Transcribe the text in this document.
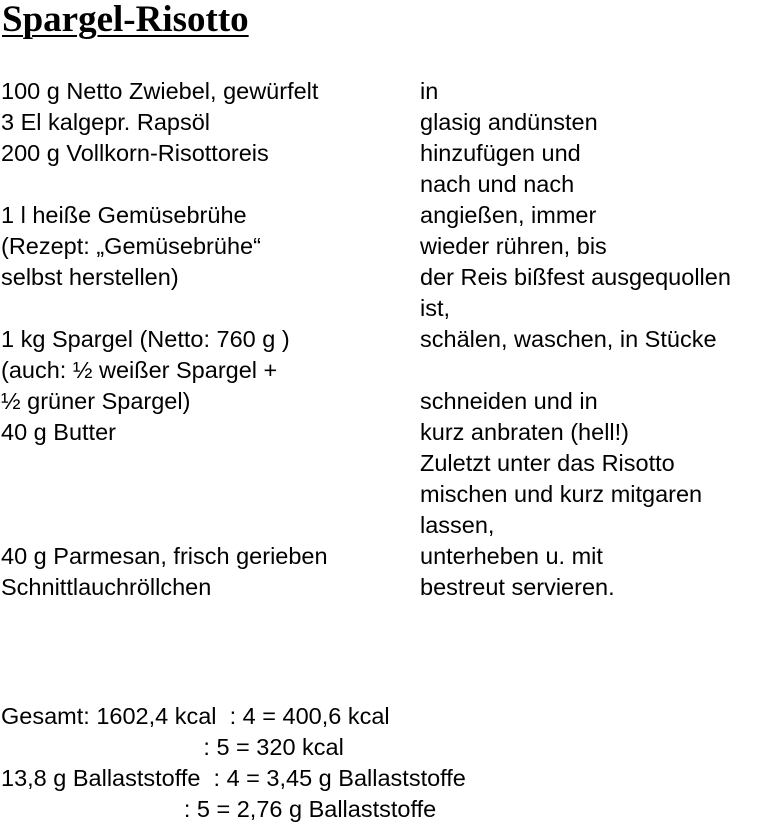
Spargel-Risotto
100 g Netto Zwiebel, gewürfelt
3 El kalgepr. Rapsöl
200 g Vollkorn-Risottoreis
1 l heiße Gemüsebrühe
(Rezept: „Gemüsebrühe“
selbst herstellen)
1 kg Spargel (Netto: 760 g )
(auch: ½ weißer Spargel +
½ grüner Spargel)
40 g Butter
40 g Parmesan, frisch gerieben
Schnittlauchröllchen
in
glasig andünsten
hinzufügen und
nach und nach
angießen, immer
wieder rühren, bis
der Reis bißfest ausgequollen
ist,
schälen, waschen, in Stücke
schneiden und in
kurz anbraten (hell!)
Zuletzt unter das Risotto
mischen und kurz mitgaren
lassen,
unterheben u. mit
bestreut servieren.
Gesamt: 1602,4 kcal  : 4 = 400,6 kcal
: 5 = 320 kcal
13,8 g Ballaststoffe  : 4 = 3,45 g Ballaststoffe
: 5 = 2,76 g Ballaststoffe
